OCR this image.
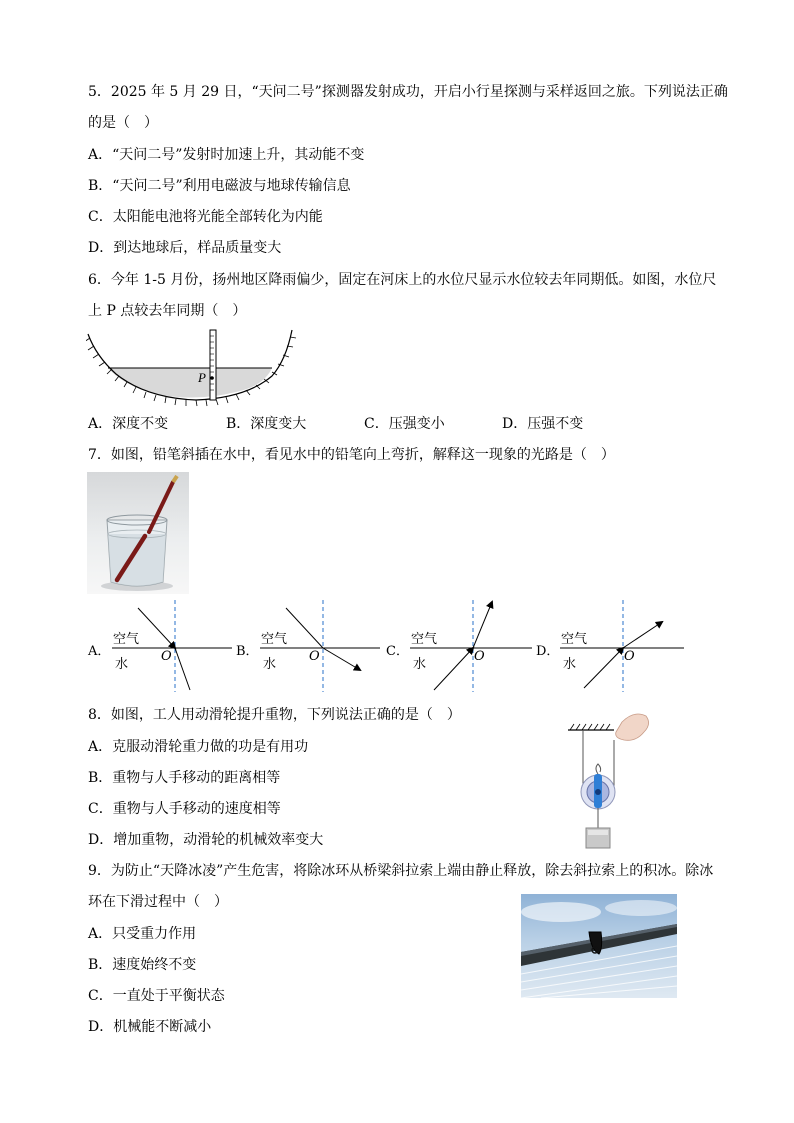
5．2025 年 5 月 29 日，“天问二号”探测器发射成功，开启小行星探测与采样返回之旅。下列说法正确
的是（　）
A．“天问二号”发射时加速上升，其动能不变
B．“天问二号”利用电磁波与地球传输信息
C．太阳能电池将光能全部转化为内能
D．到达地球后，样品质量变大
6．今年 1-5 月份，扬州地区降雨偏少，固定在河床上的水位尺显示水位较去年同期低。如图，水位尺
上 P 点较去年同期（　）
P
A．深度不变	B．深度变大	C．压强变小	D．压强不变
7．如图，铅笔斜插在水中，看见水中的铅笔向上弯折，解释这一现象的光路是（　）
A．
空气
水
O	B．
空气
水
O	C．
空气
水
O	D．
空气
水
O
8．如图，工人用动滑轮提升重物，下列说法正确的是（　）
A．克服动滑轮重力做的功是有用功
B．重物与人手移动的距离相等
C．重物与人手移动的速度相等
D．增加重物，动滑轮的机械效率变大
9．为防止“天降冰凌”产生危害，将除冰环从桥梁斜拉索上端由静止释放，除去斜拉索上的积冰。除冰
环在下滑过程中（　）
A．只受重力作用
B．速度始终不变
C．一直处于平衡状态
D．机械能不断减小
